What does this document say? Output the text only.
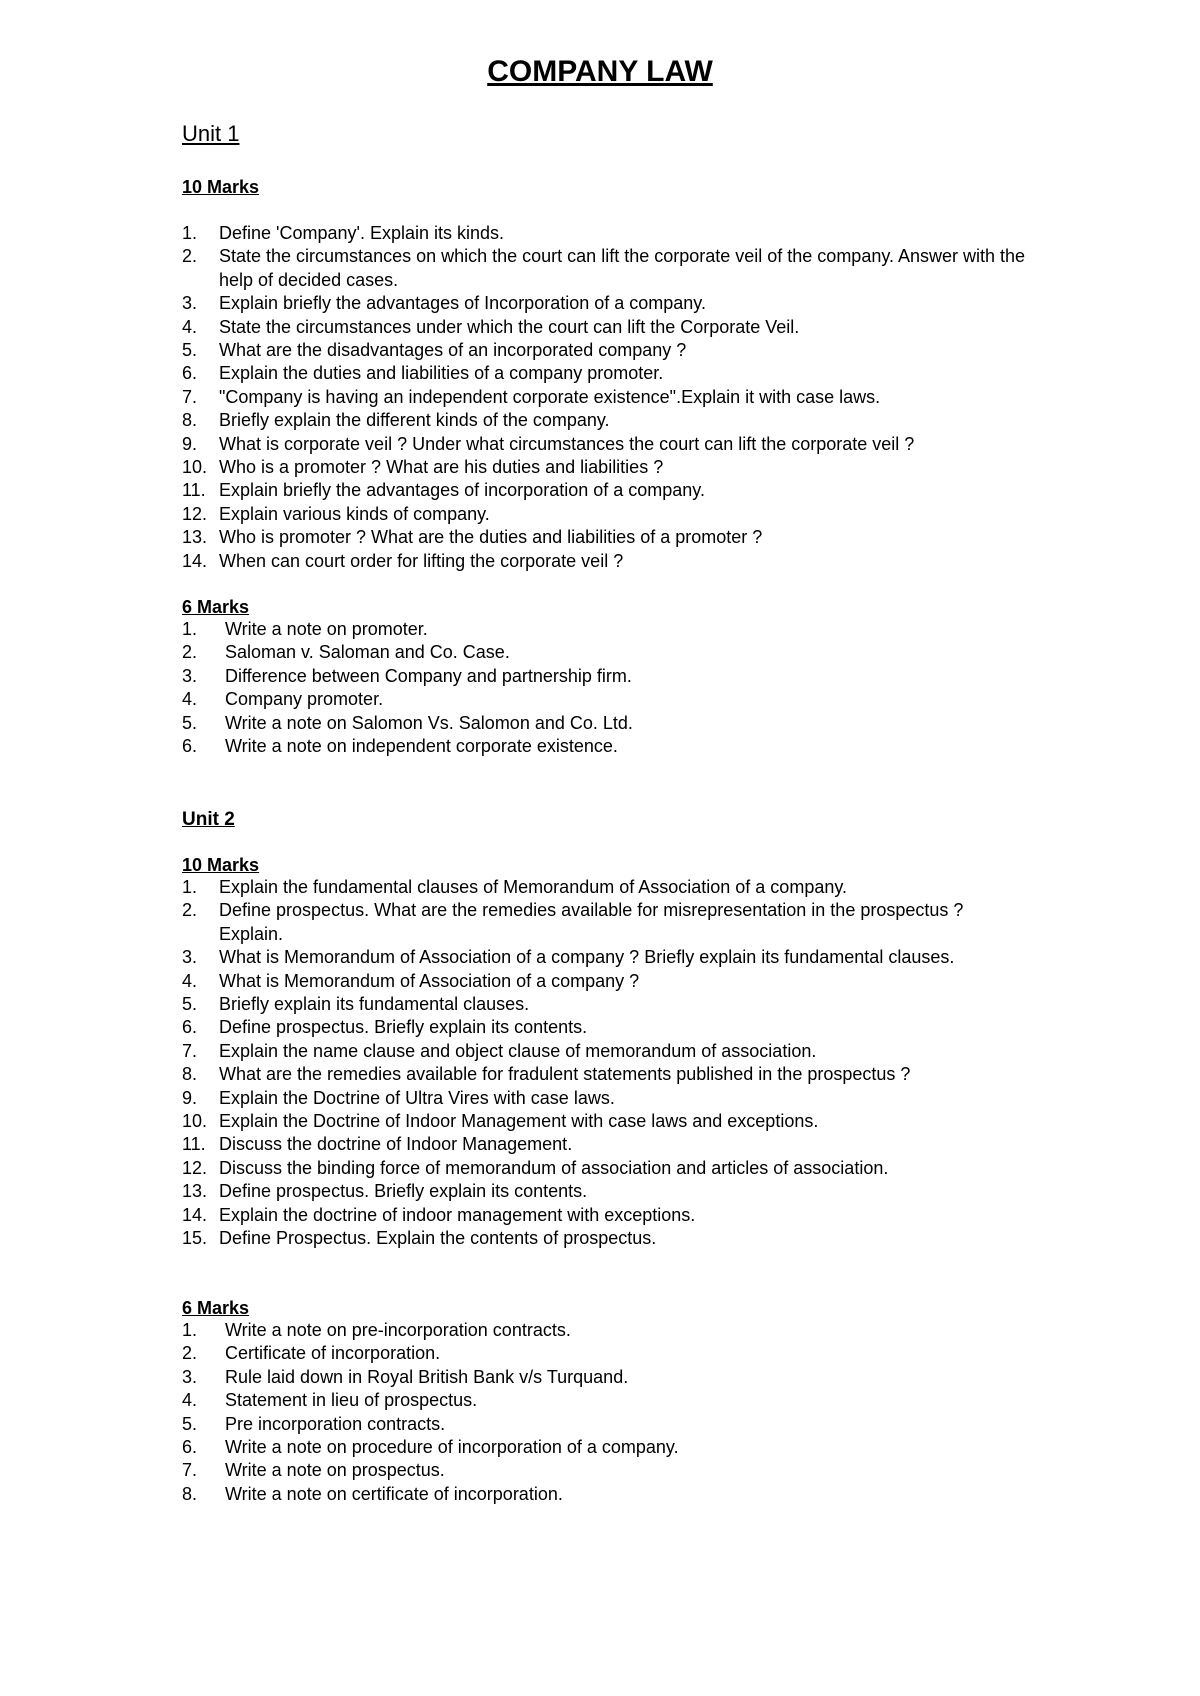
COMPANY LAW
Unit 1
10 Marks
1. Define 'Company'. Explain its kinds.
2. State the circumstances on which the court can lift the corporate veil of the company. Answer with the help of decided cases.
3. Explain briefly the advantages of Incorporation of a company.
4. State the circumstances under which the court can lift the Corporate Veil.
5. What are the disadvantages of an incorporated company ?
6. Explain the duties and liabilities of a company promoter.
7. "Company is having an independent corporate existence".Explain it with case laws.
8. Briefly explain the different kinds of the company.
9. What is corporate veil ? Under what circumstances the court can lift the corporate veil ?
10. Who is a promoter ? What are his duties and liabilities ?
11. Explain briefly the advantages of incorporation of a company.
12. Explain various kinds of company.
13. Who is promoter ? What are the duties and liabilities of a promoter ?
14. When can court order for lifting the corporate veil ?
6 Marks
1. Write a note on promoter.
2. Saloman v. Saloman and Co. Case.
3. Difference between Company and partnership firm.
4. Company promoter.
5. Write a note on Salomon Vs. Salomon and Co. Ltd.
6. Write a note on independent corporate existence.
Unit 2
10 Marks
1. Explain the fundamental clauses of Memorandum of Association of a company.
2. Define prospectus. What are the remedies available for misrepresentation in the prospectus ? Explain.
3. What is Memorandum of Association of a company ? Briefly explain its fundamental clauses.
4. What is Memorandum of Association of a company ?
5. Briefly explain its fundamental clauses.
6. Define prospectus. Briefly explain its contents.
7. Explain the name clause and object clause of memorandum of association.
8. What are the remedies available for fradulent statements published in the prospectus ?
9. Explain the Doctrine of Ultra Vires with case laws.
10. Explain the Doctrine of Indoor Management with case laws and exceptions.
11. Discuss the doctrine of Indoor Management.
12. Discuss the binding force of memorandum of association and articles of association.
13. Define prospectus. Briefly explain its contents.
14. Explain the doctrine of indoor management with exceptions.
15. Define Prospectus. Explain the contents of prospectus.
6 Marks
1. Write a note on pre-incorporation contracts.
2. Certificate of incorporation.
3. Rule laid down in Royal British Bank v/s Turquand.
4. Statement in lieu of prospectus.
5. Pre incorporation contracts.
6. Write a note on procedure of incorporation of a company.
7. Write a note on prospectus.
8. Write a note on certificate of incorporation.
